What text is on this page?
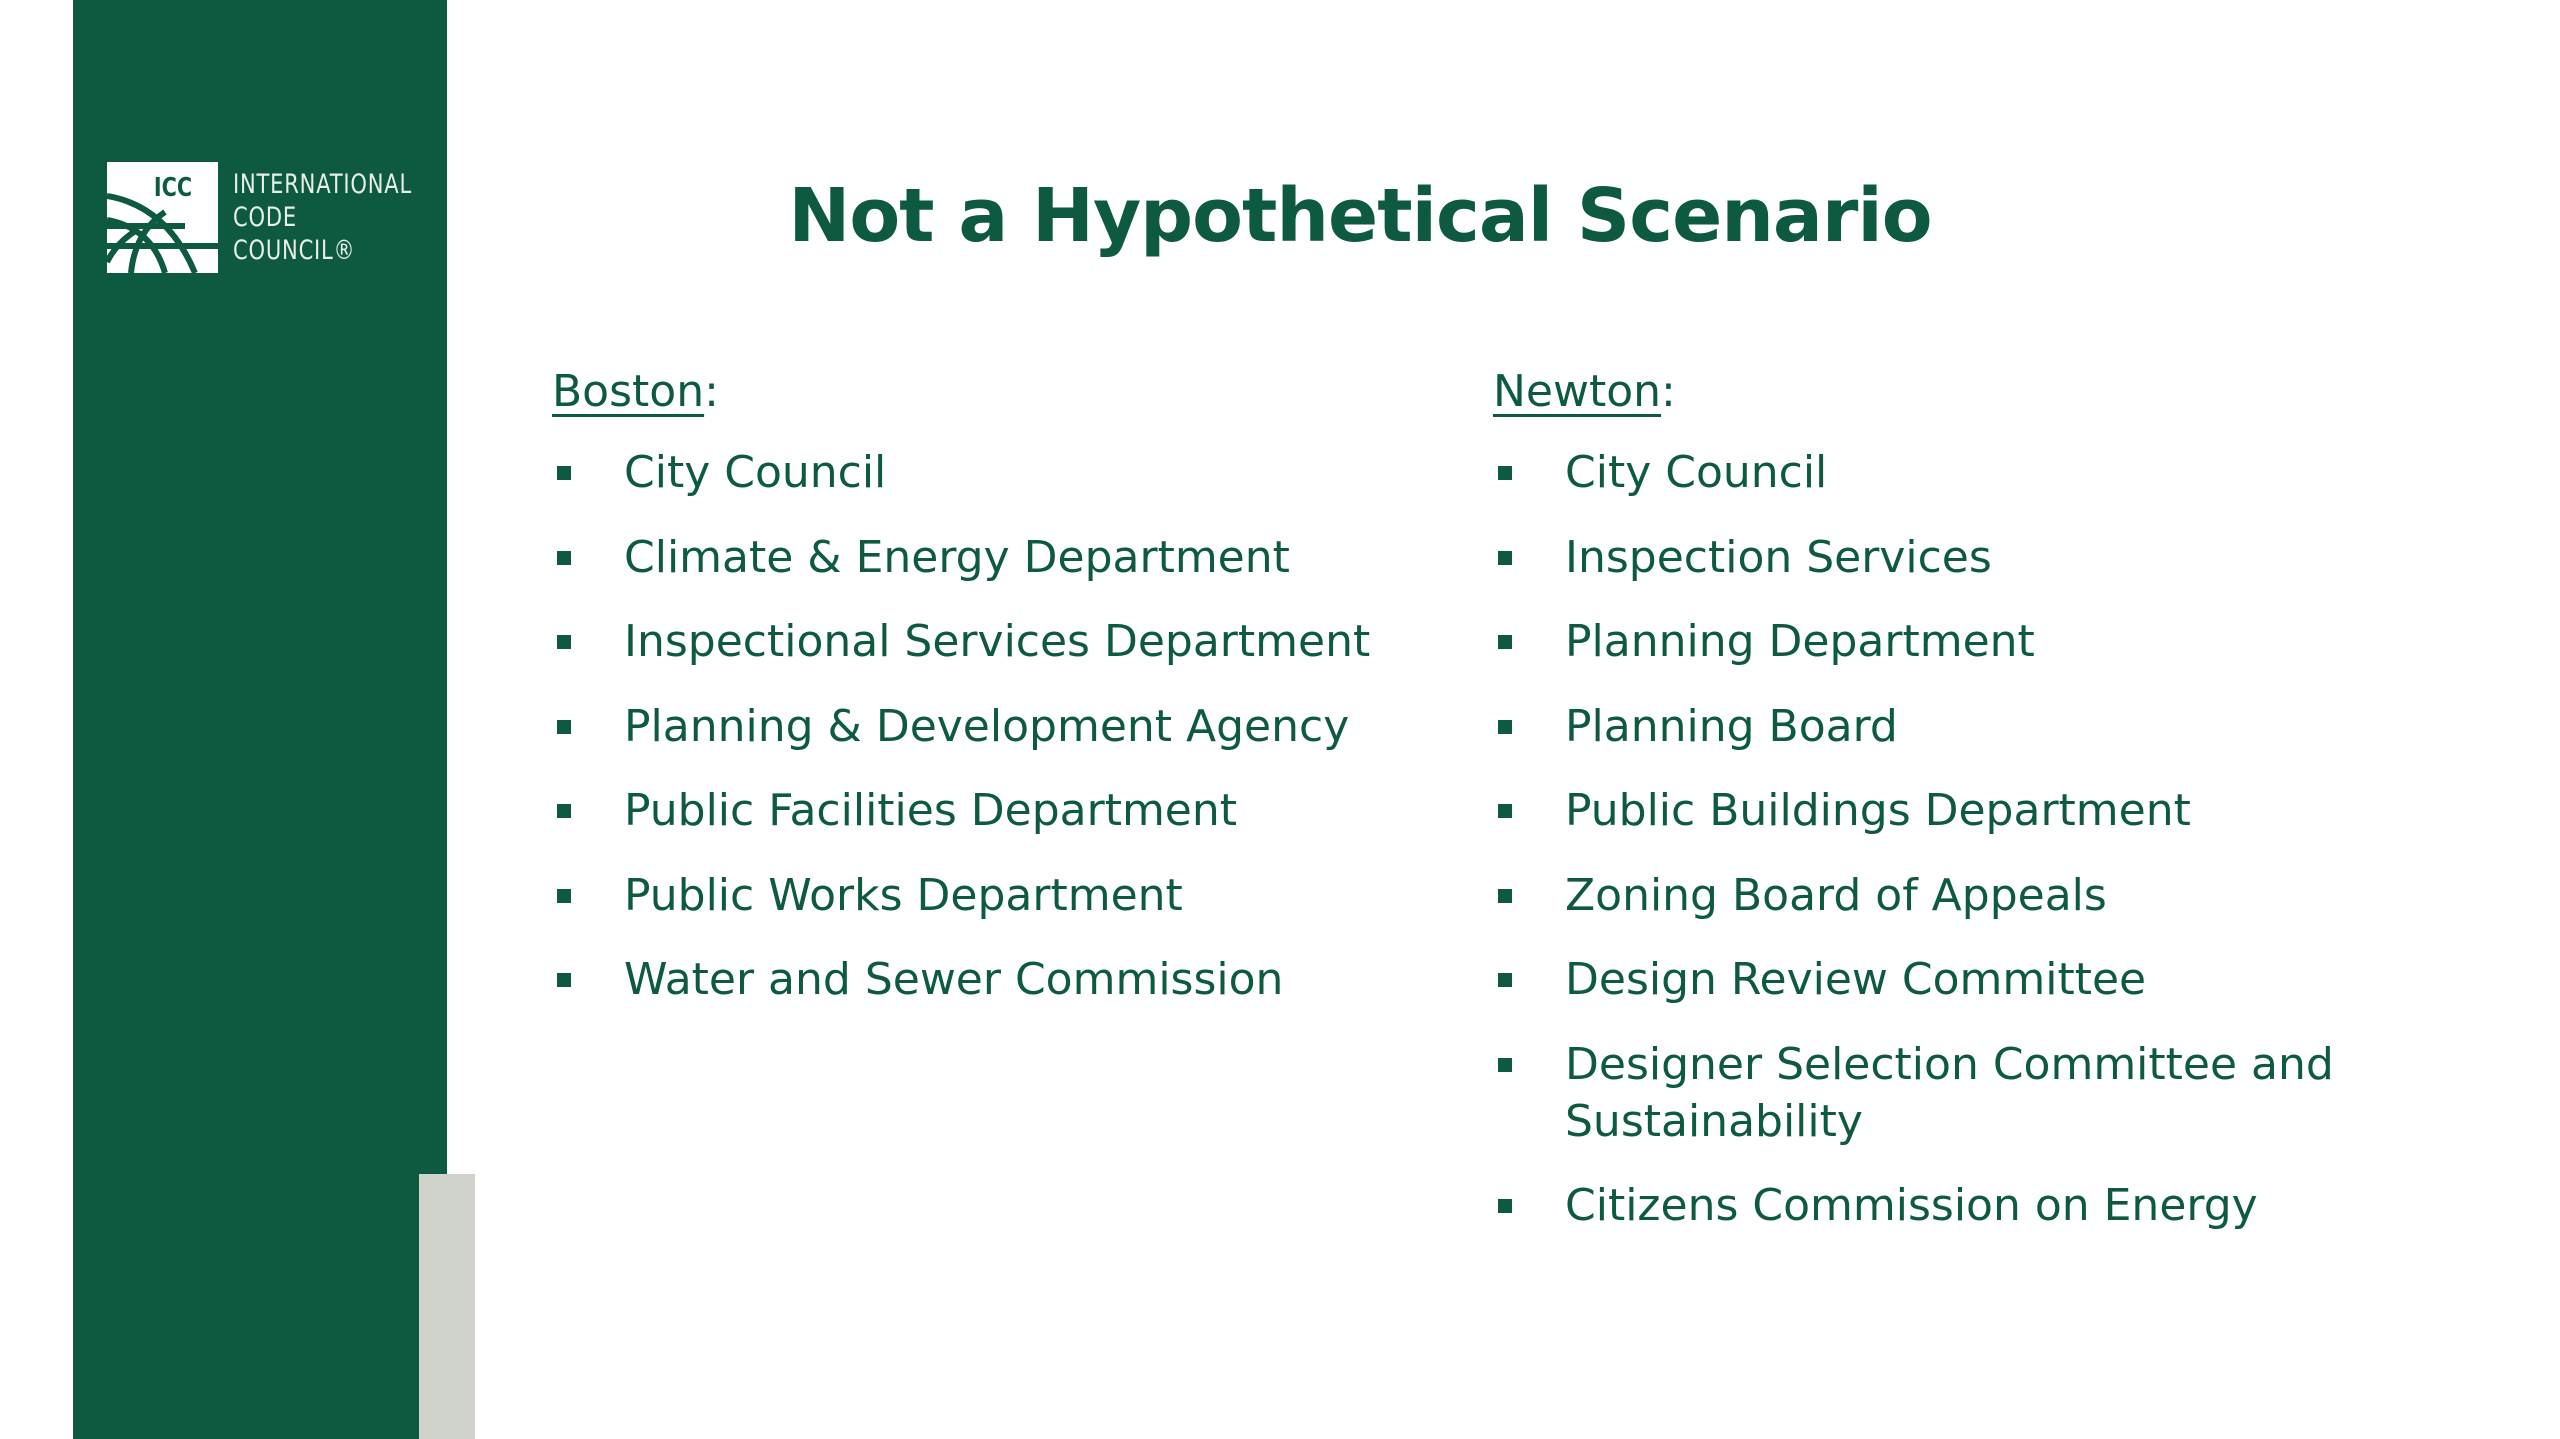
ICC INTERNATIONAL
CODE
COUNCIL®	Not a Hypothetical Scenario
Boston:
City Council
Climate & Energy Department
Inspectional Services Department
Planning & Development Agency
Public Facilities Department
Public Works Department
Water and Sewer Commission
Newton:
City Council
Inspection Services
Planning Department
Planning Board
Public Buildings Department
Zoning Board of Appeals
Design Review Committee
Designer Selection Committee and Sustainability
Citizens Commission on Energy
